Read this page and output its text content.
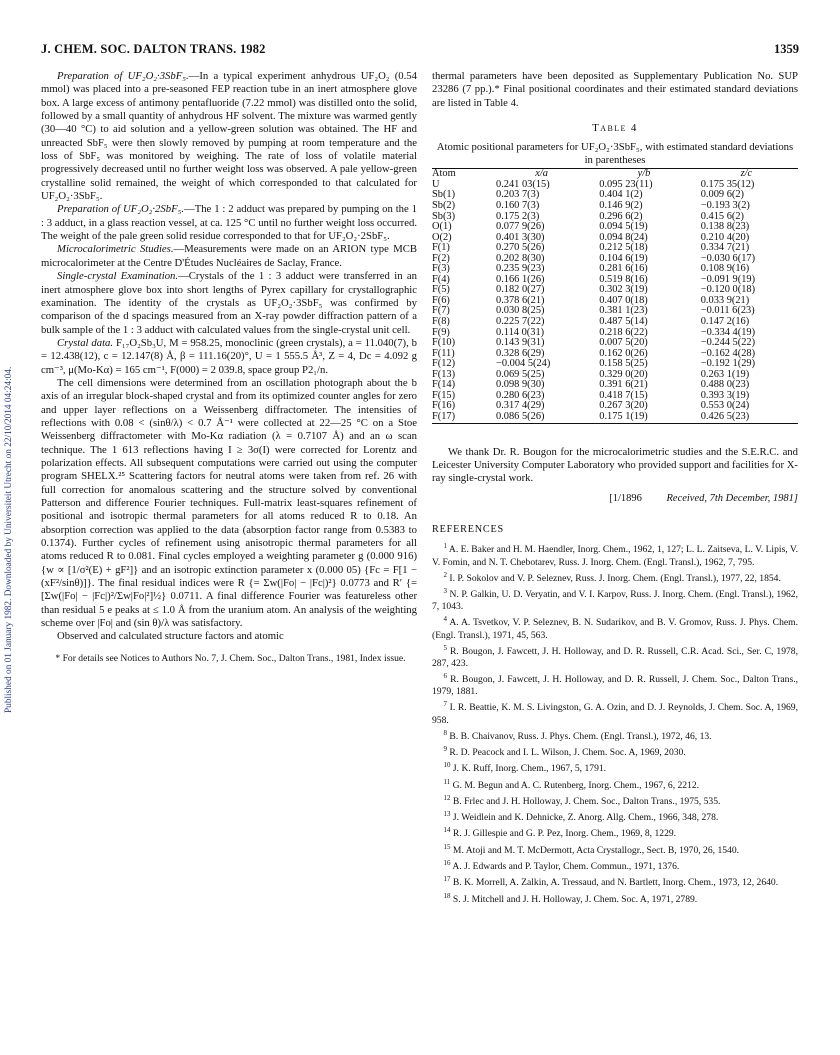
Published on 01 January 1982. Downloaded by Universiteit Utrecht on 22/10/2014 04:24:04.
J. CHEM. SOC. DALTON TRANS. 1982	1359

Preparation of UF₂O₂·3SbF₅.—In a typical experiment anhydrous UF₂O₂ (0.54 mmol) was placed into a pre-seasoned FEP reaction tube in an inert atmosphere glove box. A large excess of antimony pentafluoride (7.22 mmol) was distilled onto the solid, followed by a small quantity of anhydrous HF solvent. The mixture was warmed gently (30—40 °C) to aid solution and a yellow-green solution was obtained. The HF and unreacted SbF₅ were then slowly removed by pumping at room temperature and the loss of SbF₅ was monitored by weighing. The rate of loss of volatile material progressively decreased until no further weight loss was observed. A pale yellow-green crystalline solid remained, the weight of which corresponded to that calculated for UF₂O₂·3SbF₅.

Preparation of UF₂O₂·2SbF₅.—The 1 : 2 adduct was prepared by pumping on the 1 : 3 adduct, in a glass reaction vessel, at ca. 125 °C until no further weight loss occurred. The weight of the pale green solid residue corresponded to that for UF₂O₂·2SbF₅.

Microcalorimetric Studies.—Measurements were made on an ARION type MCB microcalorimeter at the Centre D'Études Nucléaires de Saclay, France.

Single-crystal Examination.—Crystals of the 1 : 3 adduct were transferred in an inert atmosphere glove box into short lengths of Pyrex capillary for crystallographic examination. The identity of the crystals as UF₂O₂·3SbF₅ was confirmed by comparison of the d spacings measured from an X-ray powder diffraction pattern of a bulk sample of the 1 : 3 adduct with calculated values from the single-crystal unit cell.

Crystal data. F₁₇O₂Sb₃U, M = 958.25, monoclinic (green crystals), a = 11.040(7), b = 12.438(12), c = 12.147(8) Å, β = 111.16(20)°, U = 1 555.5 Å³, Z = 4, Dc = 4.092 g cm⁻³, μ(Mo-Kα) = 165 cm⁻¹, F(000) = 2 039.8, space group P2₁/n.

The cell dimensions were determined from an oscillation photograph about the b axis of an irregular block-shaped crystal and from its optimized counter angles for zero and upper layer reflections on a Weissenberg diffractometer. The intensities of reflections with 0.08 < (sinθ/λ) < 0.7 Å⁻¹ were collected at 22—25 °C on a Stoe Weissenberg diffractometer with Mo-Kα radiation (λ = 0.7107 Å) and an ω scan technique. The 1 613 reflections having I ≥ 3σ(I) were corrected for Lorentz and polarization effects. All subsequent computations were carried out using the computer program SHELX.²⁵ Scattering factors for neutral atoms were taken from ref. 26 with full correction for anomalous scattering and the structure solved by conventional Patterson and difference Fourier techniques. Full-matrix least-squares refinement of positional and isotropic thermal parameters for all atoms reduced R to 0.18. An absorption correction was applied to the data (absorption factor range from 0.5383 to 0.1374). Further cycles of refinement using anisotropic thermal parameters for all atoms reduced R to 0.081. Final cycles employed a weighting parameter g (0.000 916) {w ∝ [1/σ²(E) + gF²]} and an isotropic extinction parameter x (0.000 05) {Fc = F[1 − (xF²/sinθ)]}. The final residual indices were R {= Σw(|Fo| − |Fc|)²} 0.0773 and R′ {= [Σw(|Fo| − |Fc|)²/Σw|Fo|²]½} 0.0711. A final difference Fourier was featureless other than residual 5 e peaks at ≤ 1.0 Å from the uranium atom. An analysis of the weighting scheme over |Fo| and (sin θ)/λ was satisfactory.

Observed and calculated structure factors and atomic

* For details see Notices to Authors No. 7, J. Chem. Soc., Dalton Trans., 1981, Index issue.

thermal parameters have been deposited as Supplementary Publication No. SUP 23286 (7 pp.).* Final positional coordinates and their estimated standard deviations are listed in Table 4.

Table 4
Atomic positional parameters for UF₂O₂·3SbF₅, with estimated standard deviations in parentheses
Atom	x/a	y/b	z/c
U	0.241 03(15)	0.095 23(11)	0.175 35(12)
Sb(1)	0.203 7(3)	0.404 1(2)	0.009 6(2)
Sb(2)	0.160 7(3)	0.146 9(2)	−0.193 3(2)
Sb(3)	0.175 2(3)	0.296 6(2)	0.415 6(2)
O(1)	0.077 9(26)	0.094 5(19)	0.138 8(23)
O(2)	0.401 3(30)	0.094 8(24)	0.210 4(20)
F(1)	0.270 5(26)	0.212 5(18)	0.334 7(21)
F(2)	0.202 8(30)	0.104 6(19)	−0.030 6(17)
F(3)	0.235 9(23)	0.281 6(16)	0.108 9(16)
F(4)	0.166 1(26)	0.519 8(16)	−0.091 9(19)
F(5)	0.182 0(27)	0.302 3(19)	−0.120 0(18)
F(6)	0.378 6(21)	0.407 0(18)	0.033 9(21)
F(7)	0.030 8(25)	0.381 1(23)	−0.011 6(23)
F(8)	0.225 7(22)	0.487 5(14)	0.147 2(16)
F(9)	0.114 0(31)	0.218 6(22)	−0.334 4(19)
F(10)	0.143 9(31)	0.007 5(20)	−0.244 5(22)
F(11)	0.328 6(29)	0.162 0(26)	−0.162 4(28)
F(12)	−0.004 5(24)	0.158 5(25)	−0.192 1(29)
F(13)	0.069 5(25)	0.329 0(20)	0.263 1(19)
F(14)	0.098 9(30)	0.391 6(21)	0.488 0(23)
F(15)	0.280 6(23)	0.418 7(15)	0.393 3(19)
F(16)	0.317 4(29)	0.267 3(20)	0.553 0(24)
F(17)	0.086 5(26)	0.175 1(19)	0.426 5(23)

We thank Dr. R. Bougon for the microcalorimetric studies and the S.E.R.C. and Leicester University Computer Laboratory who provided support and facilities for X-ray single-crystal work.

[1/1896 Received, 7th December, 1981]
REFERENCES

$^1$ A. E. Baker and H. M. Haendler, Inorg. Chem., 1962, 1, 127; L. L. Zaitseva, L. V. Lipis, V. V. Fomin, and N. T. Chebotarev, Russ. J. Inorg. Chem. (Engl. Transl.), 1962, 7, 795.

$^2$ I. P. Sokolov and V. P. Seleznev, Russ. J. Inorg. Chem. (Engl. Transl.), 1977, 22, 1854.

$^3$ N. P. Galkin, U. D. Veryatin, and V. I. Karpov, Russ. J. Inorg. Chem. (Engl. Transl.), 1962, 7, 1043.

$^4$ A. A. Tsvetkov, V. P. Seleznev, B. N. Sudarikov, and B. V. Gromov, Russ. J. Phys. Chem. (Engl. Transl.), 1971, 45, 563.

$^5$ R. Bougon, J. Fawcett, J. H. Holloway, and D. R. Russell, C.R. Acad. Sci., Ser. C, 1978, 287, 423.

$^6$ R. Bougon, J. Fawcett, J. H. Holloway, and D. R. Russell, J. Chem. Soc., Dalton Trans., 1979, 1881.

$^7$ I. R. Beattie, K. M. S. Livingston, G. A. Ozin, and D. J. Reynolds, J. Chem. Soc. A, 1969, 958.

$^8$ B. B. Chaivanov, Russ. J. Phys. Chem. (Engl. Transl.), 1972, 46, 13.

$^9$ R. D. Peacock and I. L. Wilson, J. Chem. Soc. A, 1969, 2030.

$^{10}$ J. K. Ruff, Inorg. Chem., 1967, 5, 1791.

$^{11}$ G. M. Begun and A. C. Rutenberg, Inorg. Chem., 1967, 6, 2212.

$^{12}$ B. Frlec and J. H. Holloway, J. Chem. Soc., Dalton Trans., 1975, 535.

$^{13}$ J. Weidlein and K. Dehnicke, Z. Anorg. Allg. Chem., 1966, 348, 278.

$^{14}$ R. J. Gillespie and G. P. Pez, Inorg. Chem., 1969, 8, 1229.

$^{15}$ M. Atoji and M. T. McDermott, Acta Crystallogr., Sect. B, 1970, 26, 1540.

$^{16}$ A. J. Edwards and P. Taylor, Chem. Commun., 1971, 1376.

$^{17}$ B. K. Morrell, A. Zalkin, A. Tressaud, and N. Bartlett, Inorg. Chem., 1973, 12, 2640.

$^{18}$ S. J. Mitchell and J. H. Holloway, J. Chem. Soc. A, 1971, 2789.
